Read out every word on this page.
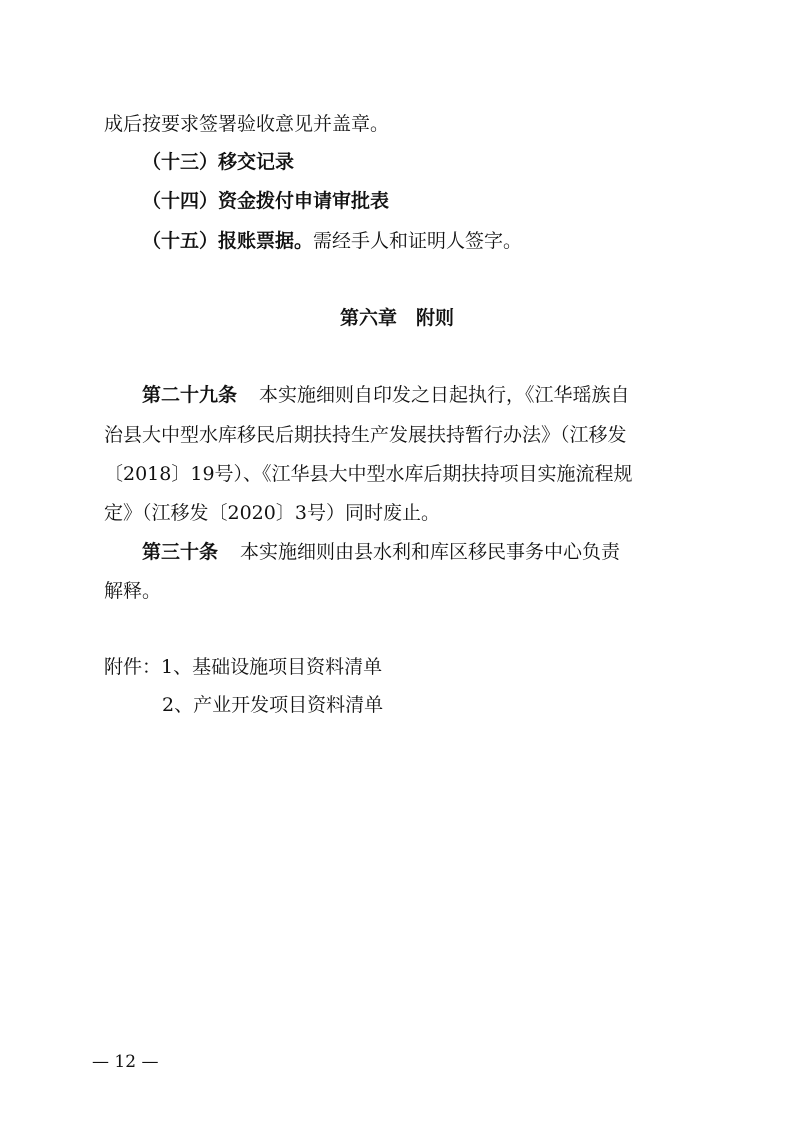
成后按要求签署验收意见并盖章。
（十三）移交记录
（十四）资金拨付申请审批表
（十五）报账票据。需经手人和证明人签字。
第六章　附则
第二十九条 本实施细则自印发之日起执行，《江华瑶族自
治县大中型水库移民后期扶持生产发展扶持暂行办法》（江移发
〔2018〕19号）、《江华县大中型水库后期扶持项目实施流程规
定》（江移发〔2020〕3号）同时废止。
第三十条 本实施细则由县水利和库区移民事务中心负责
解释。
附件：1、基础设施项目资料清单
2、产业开发项目资料清单
— 12 —
